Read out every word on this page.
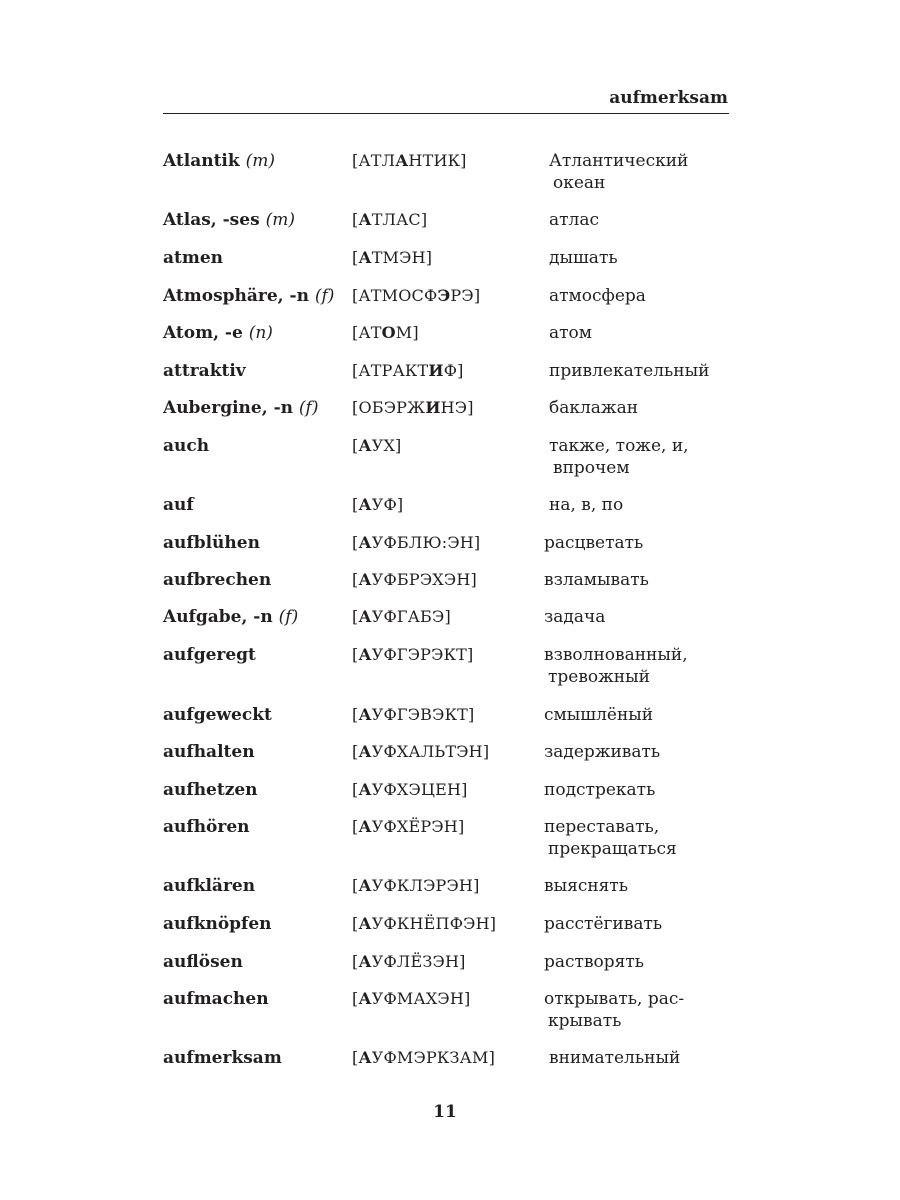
aufmerksam
Atlantik (m)	[АТЛАНТИК]	Атлантический
океан
Atlas, -ses (m)	[АТЛАС]	атлас
atmen	[АТМЭН]	дышать
Atmosphäre, -n (f) [АТМОСФЭРЭ]	атмосфера
Atom, -e (n)	[АТОМ]	атом
attraktiv	[АТРАКТИФ]	привлекательный
Aubergine, -n (f) [ОБЭРЖИНЭ]	баклажан
auch	[АУХ]	также, тоже, и,
впрочем
auf	[АУФ]	на, в, по
aufblühen	[АУФБЛЮ:ЭН]	расцветать
aufbrechen	[АУФБРЭХЭН]	взламывать
Aufgabe, -n (f)	[АУФГАБЭ]	задача
aufgeregt	[АУФГЭРЭКТ]	взволнованный,
тревожный
aufgeweckt	[АУФГЭВЭКТ]	смышлёный
aufhalten	[АУФХАЛЬТЭН]	задерживать
aufhetzen	[АУФХЭЦЕН]	подстрекать
aufhören	[АУФХЁРЭН]	переставать,
прекращаться
aufklären	[АУФКЛЭРЭН]	выяснять
aufknöpfen	[АУФКНЁПФЭН]	расстёгивать
auflösen	[АУФЛЁЗЭН]	растворять
aufmachen	[АУФМАХЭН]	открывать, рас-
крывать
aufmerksam	[АУФМЭРКЗАМ]	внимательный
11
